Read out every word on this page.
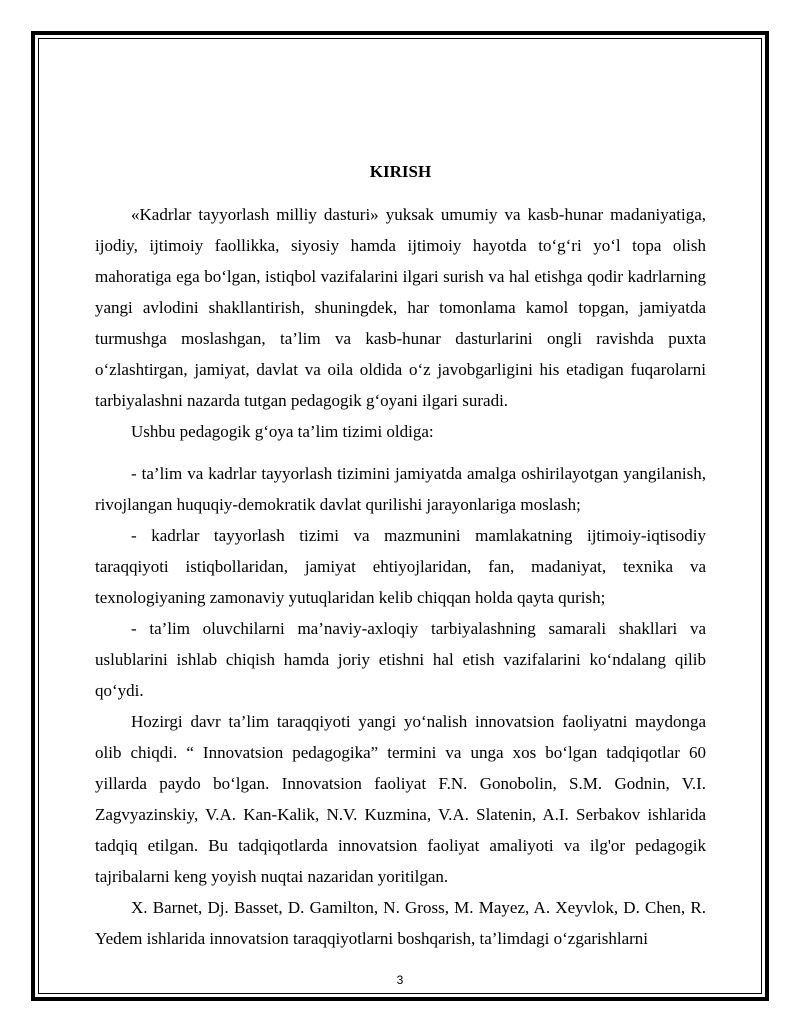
KIRISH

«Kadrlar tayyorlash milliy dasturi» yuksak umumiy va kasb-hunar madaniyatiga, ijodiy, ijtimoiy faollikka, siyosiy hamda ijtimoiy hayotda to‘g‘ri yo‘l topa olish mahoratiga ega bo‘lgan, istiqbol vazifalarini ilgari surish va hal etishga qodir kadrlarning yangi avlodini shakllantirish, shuningdek, har tomonlama kamol topgan, jamiyatda turmushga moslashgan, ta’lim va kasb-hunar dasturlarini ongli ravishda puxta o‘zlashtirgan, jamiyat, davlat va oila oldida o‘z javobgarligini his etadigan fuqarolarni tarbiyalashni nazarda tutgan pedagogik g‘oyani ilgari suradi.

Ushbu pedagogik g‘oya ta’lim tizimi oldiga:

- ta’lim va kadrlar tayyorlash tizimini jamiyatda amalga oshirilayotgan yangilanish, rivojlangan huquqiy-demokratik davlat qurilishi jarayonlariga moslash;

- kadrlar tayyorlash tizimi va mazmunini mamlakatning ijtimoiy-iqtisodiy taraqqiyoti istiqbollaridan, jamiyat ehtiyojlaridan, fan, madaniyat, texnika va texnologiyaning zamonaviy yutuqlaridan kelib chiqqan holda qayta qurish;

- ta’lim oluvchilarni ma’naviy-axloqiy tarbiyalashning samarali shakllari va uslublarini ishlab chiqish hamda joriy etishni hal etish vazifalarini ko‘ndalang qilib qo‘ydi.

Hozirgi davr ta’lim taraqqiyoti yangi yo‘nalish innovatsion faoliyatni maydonga olib chiqdi. “ Innovatsion pedagogika” termini va unga xos bo‘lgan tadqiqotlar 60 yillarda paydo bo‘lgan. Innovatsion faoliyat F.N. Gonobolin, S.M. Godnin, V.I. Zagvyazinskiy, V.A. Kan-Kalik, N.V. Kuzmina, V.A. Slatenin, A.I. Serbakov ishlarida tadqiq etilgan. Bu tadqiqotlarda innovatsion faoliyat amaliyoti va ilg'or pedagogik tajribalarni keng yoyish nuqtai nazaridan yoritilgan.

X. Barnet, Dj. Basset, D. Gamilton, N. Gross, M. Mayez, A. Xeyvlok, D. Chen, R. Yedem ishlarida innovatsion taraqqiyotlarni boshqarish, ta’limdagi o‘zgarishlarni

3
